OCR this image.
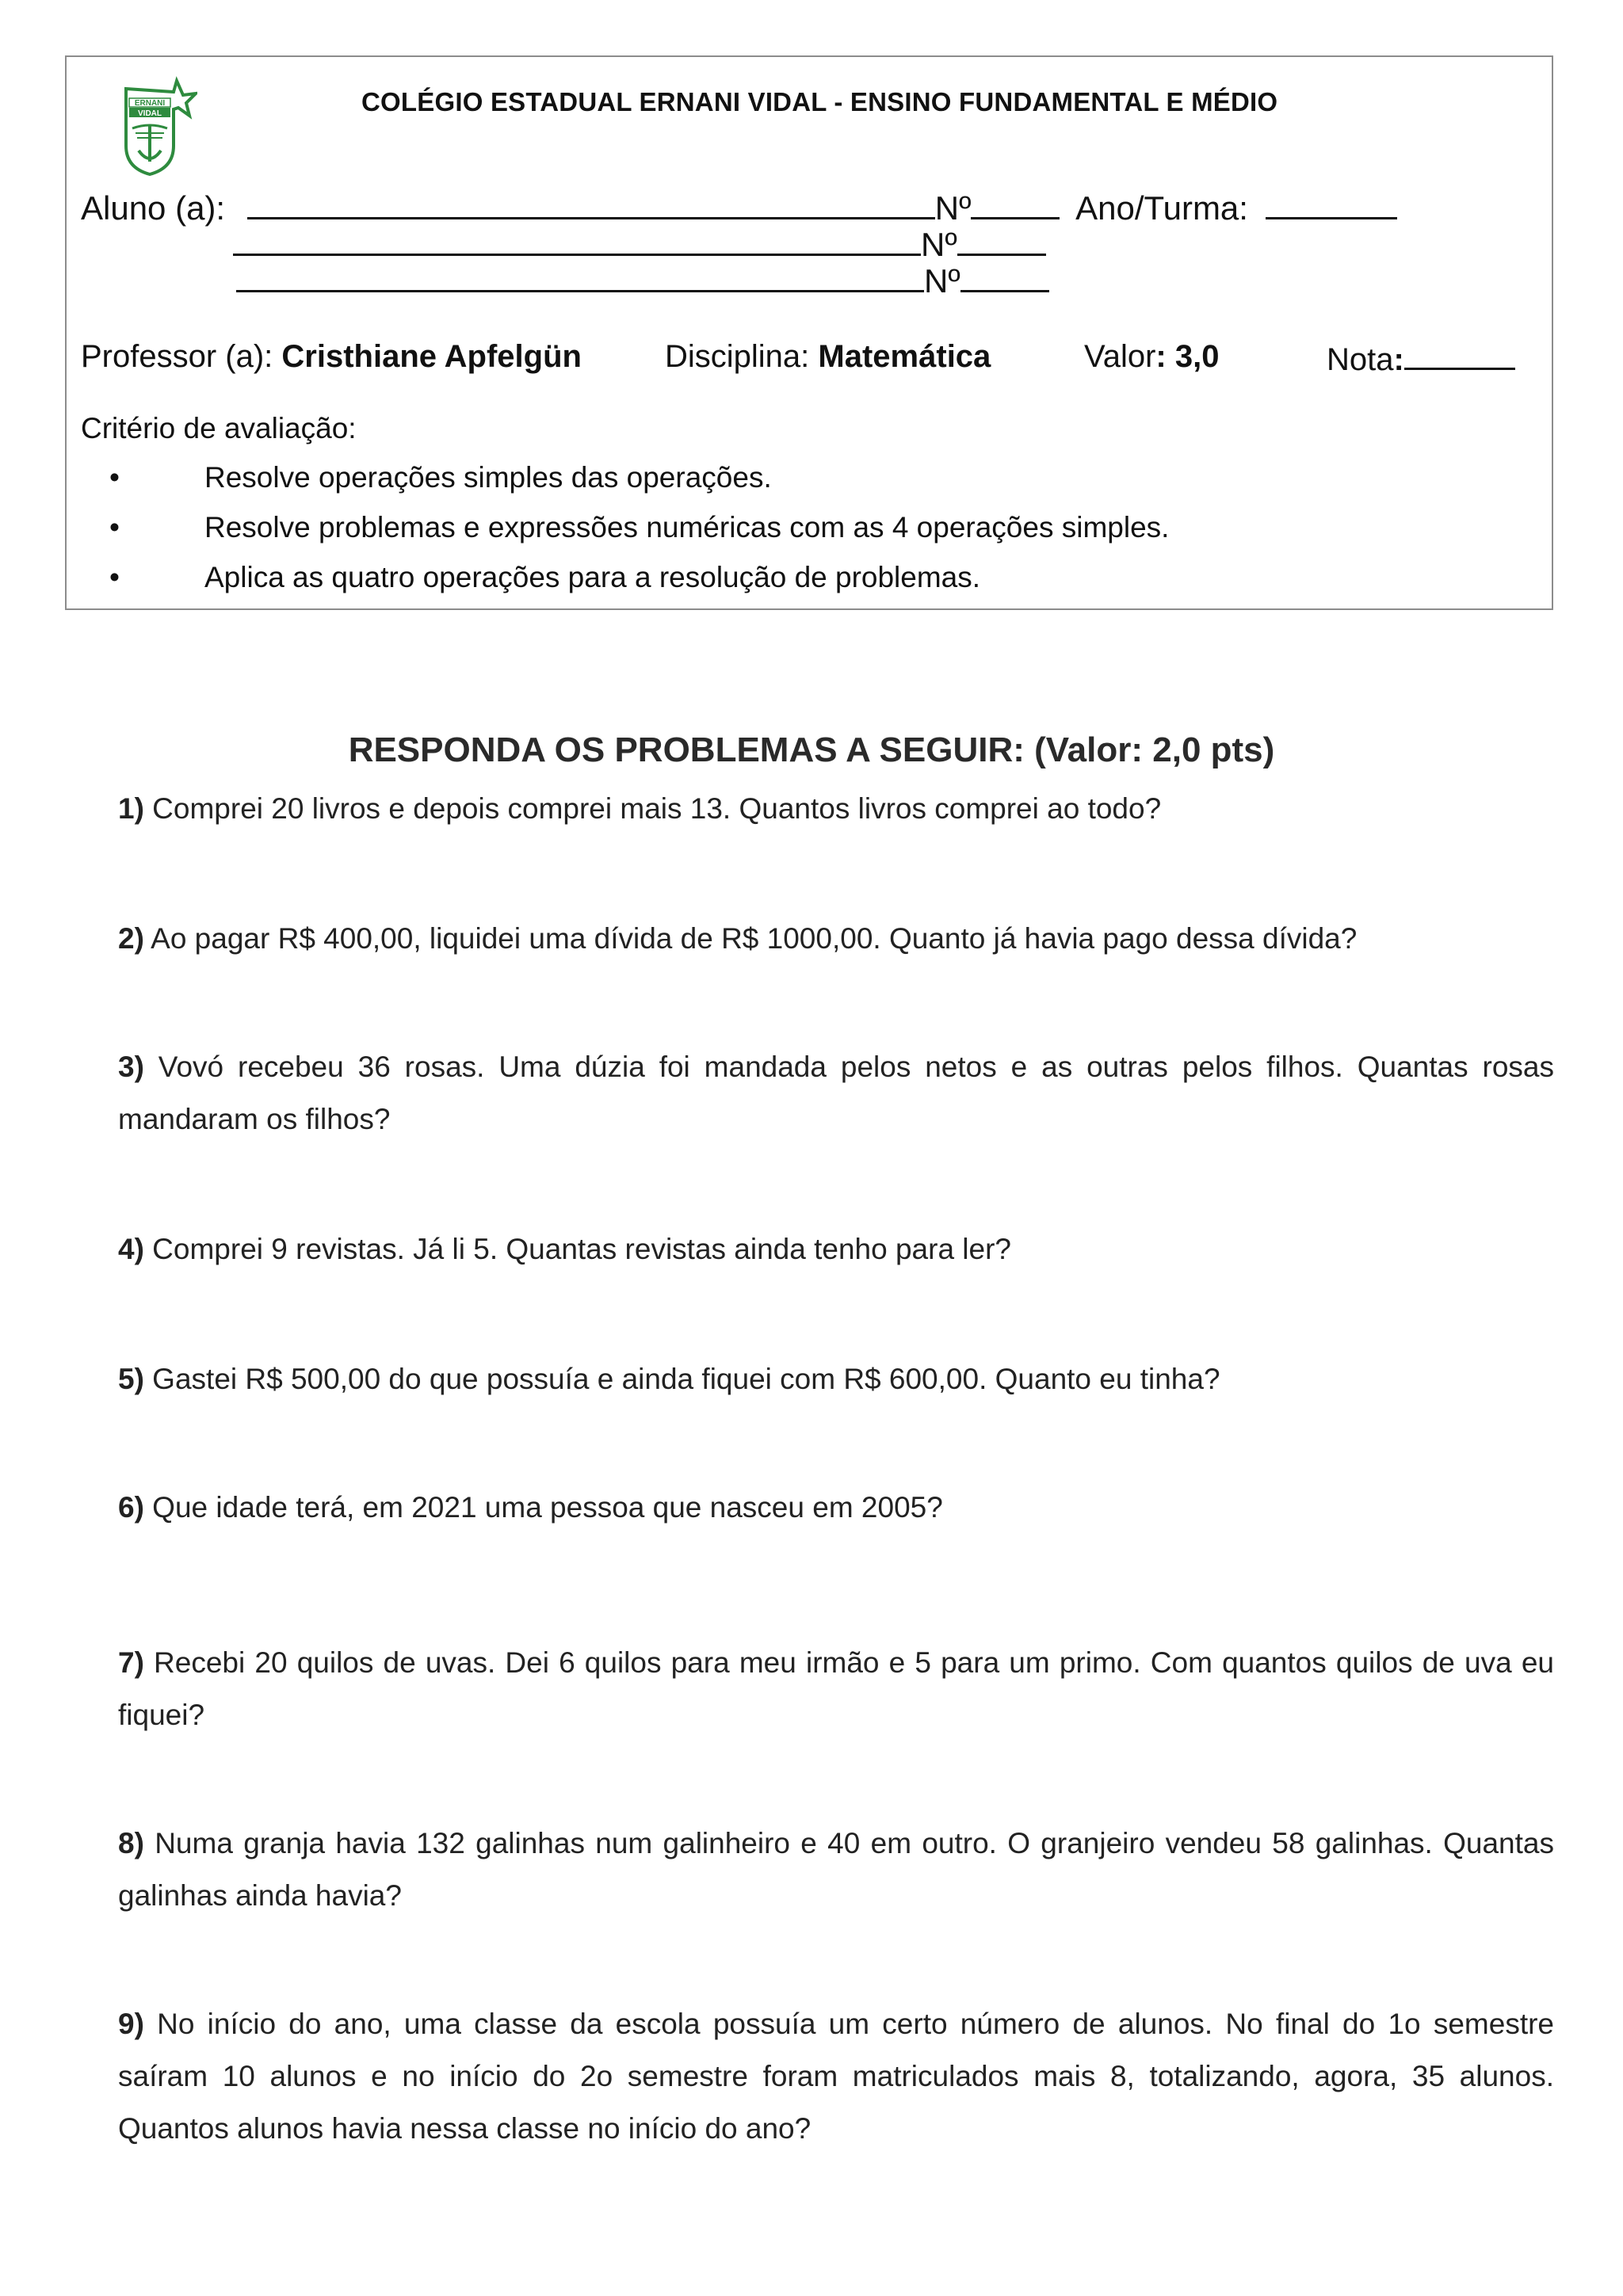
ERNANI
VIDAL	COLÉGIO ESTADUAL ERNANI VIDAL - ENSINO FUNDAMENTAL E MÉDIO
Aluno (a):	Nº	Ano/Turma:
Nº
Nº
Professor (a): Cristhiane Apfelgün	Disciplina: Matemática	Valor: 3,0	Nota:
Critério de avaliação:
•	Resolve operações simples das operações.
•	Resolve problemas e expressões numéricas com as 4 operações simples.
•	Aplica as quatro operações para a resolução de problemas.
RESPONDA OS PROBLEMAS A SEGUIR: (Valor: 2,0 pts)
1) Comprei 20 livros e depois comprei mais 13. Quantos livros comprei ao todo?
2) Ao pagar R$ 400,00, liquidei uma dívida de R$ 1000,00. Quanto já havia pago dessa dívida?
3) Vovó recebeu 36 rosas. Uma dúzia foi mandada pelos netos e as outras pelos filhos. Quantas rosas mandaram os filhos?
4) Comprei 9 revistas. Já li 5. Quantas revistas ainda tenho para ler?
5) Gastei R$ 500,00 do que possuía e ainda fiquei com R$ 600,00. Quanto eu tinha?
6) Que idade terá, em 2021 uma pessoa que nasceu em 2005?
7) Recebi 20 quilos de uvas. Dei 6 quilos para meu irmão e 5 para um primo. Com quantos quilos de uva eu fiquei?
8) Numa granja havia 132 galinhas num galinheiro e 40 em outro. O granjeiro vendeu 58 galinhas. Quantas galinhas ainda havia?
9) No início do ano, uma classe da escola possuía um certo número de alunos. No final do 1o semestre saíram 10 alunos e no início do 2o semestre foram matriculados mais 8, totalizando, agora, 35 alunos. Quantos alunos havia nessa classe no início do ano?
